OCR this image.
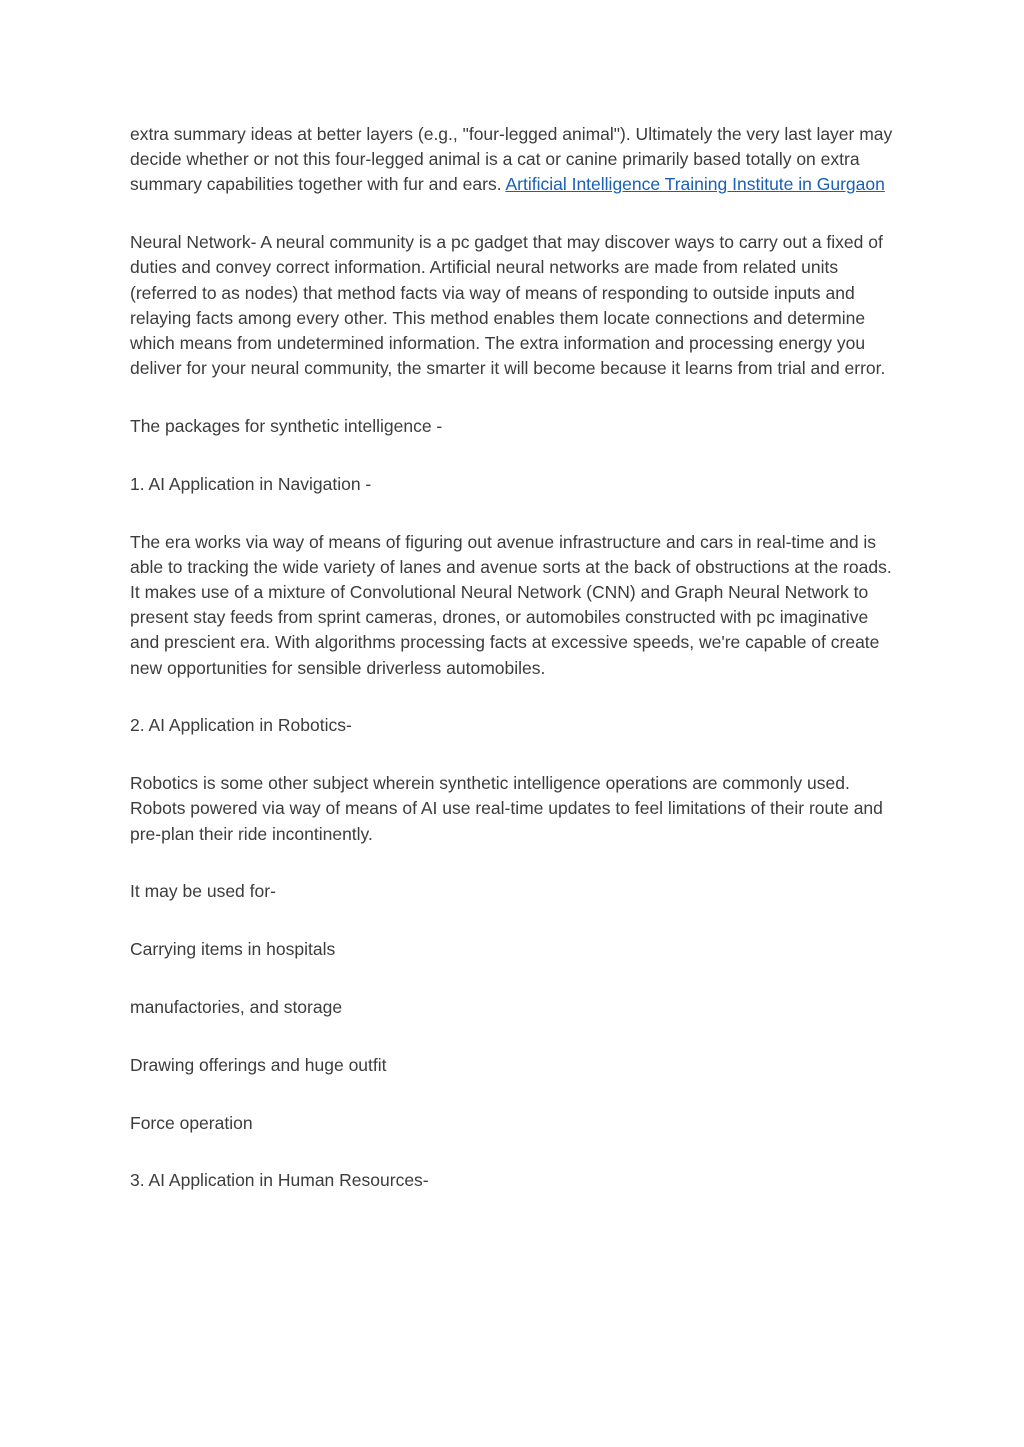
extra summary ideas at better layers (e.g., "four-legged animal"). Ultimately the very last layer may decide whether or not this four-legged animal is a cat or canine primarily based totally on extra summary capabilities together with fur and ears. Artificial Intelligence Training Institute in Gurgaon

Neural Network- A neural community is a pc gadget that may discover ways to carry out a fixed of duties and convey correct information. Artificial neural networks are made from related units (referred to as nodes) that method facts via way of means of responding to outside inputs and relaying facts among every other. This method enables them locate connections and determine which means from undetermined information. The extra information and processing energy you deliver for your neural community, the smarter it will become because it learns from trial and error.

The packages for synthetic intelligence -

1. AI Application in Navigation -

The era works via way of means of figuring out avenue infrastructure and cars in real-time and is able to tracking the wide variety of lanes and avenue sorts at the back of obstructions at the roads. It makes use of a mixture of Convolutional Neural Network (CNN) and Graph Neural Network to present stay feeds from sprint cameras, drones, or automobiles constructed with pc imaginative and prescient era. With algorithms processing facts at excessive speeds, we're capable of create new opportunities for sensible driverless automobiles.

2. AI Application in Robotics-

Robotics is some other subject wherein synthetic intelligence operations are commonly used. Robots powered via way of means of AI use real-time updates to feel limitations of their route and pre-plan their ride incontinently.

It may be used for-

Carrying items in hospitals

manufactories, and storage

Drawing offerings and huge outfit

Force operation

3. AI Application in Human Resources-
